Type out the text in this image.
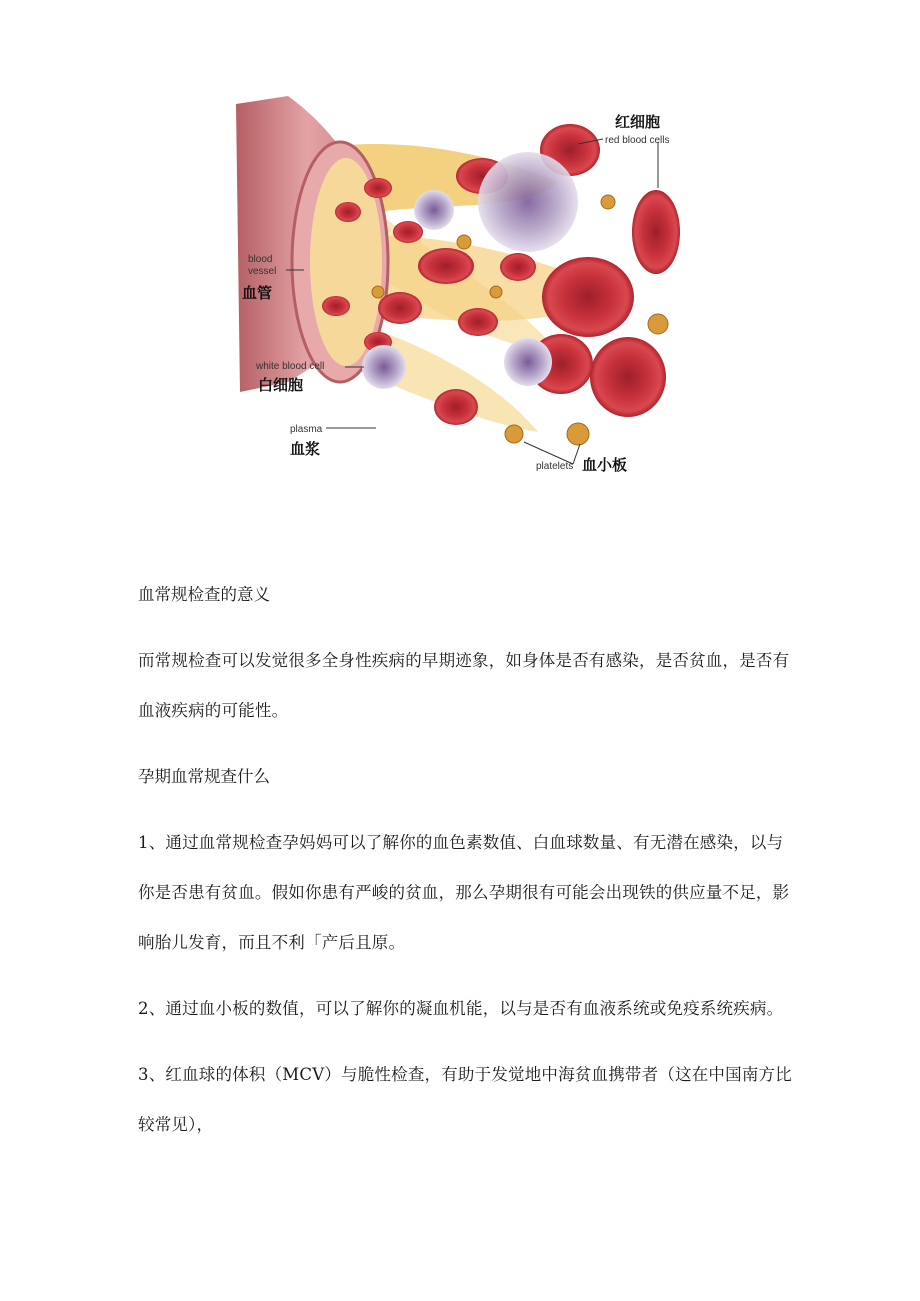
红细胞
red blood cells
blood
vessel
血管
white blood cell
白细胞
plasma
血浆
platelets 血小板

血常规检查的意义

而常规检查可以发觉很多全身性疾病的早期迹象，如身体是否有感染，是否贫血，是否有血液疾病的可能性。

孕期血常规查什么

1、通过血常规检查孕妈妈可以了解你的血色素数值、白血球数量、有无潜在感染，以与你是否患有贫血。假如你患有严峻的贫血，那么孕期很有可能会出现铁的供应量不足，影响胎儿发育，而且不利「产后且原。

2、通过血小板的数值，可以了解你的凝血机能，以与是否有血液系统或免疫系统疾病。

3、红血球的体积（MCV）与脆性检查，有助于发觉地中海贫血携带者（这在中国南方比较常见），
